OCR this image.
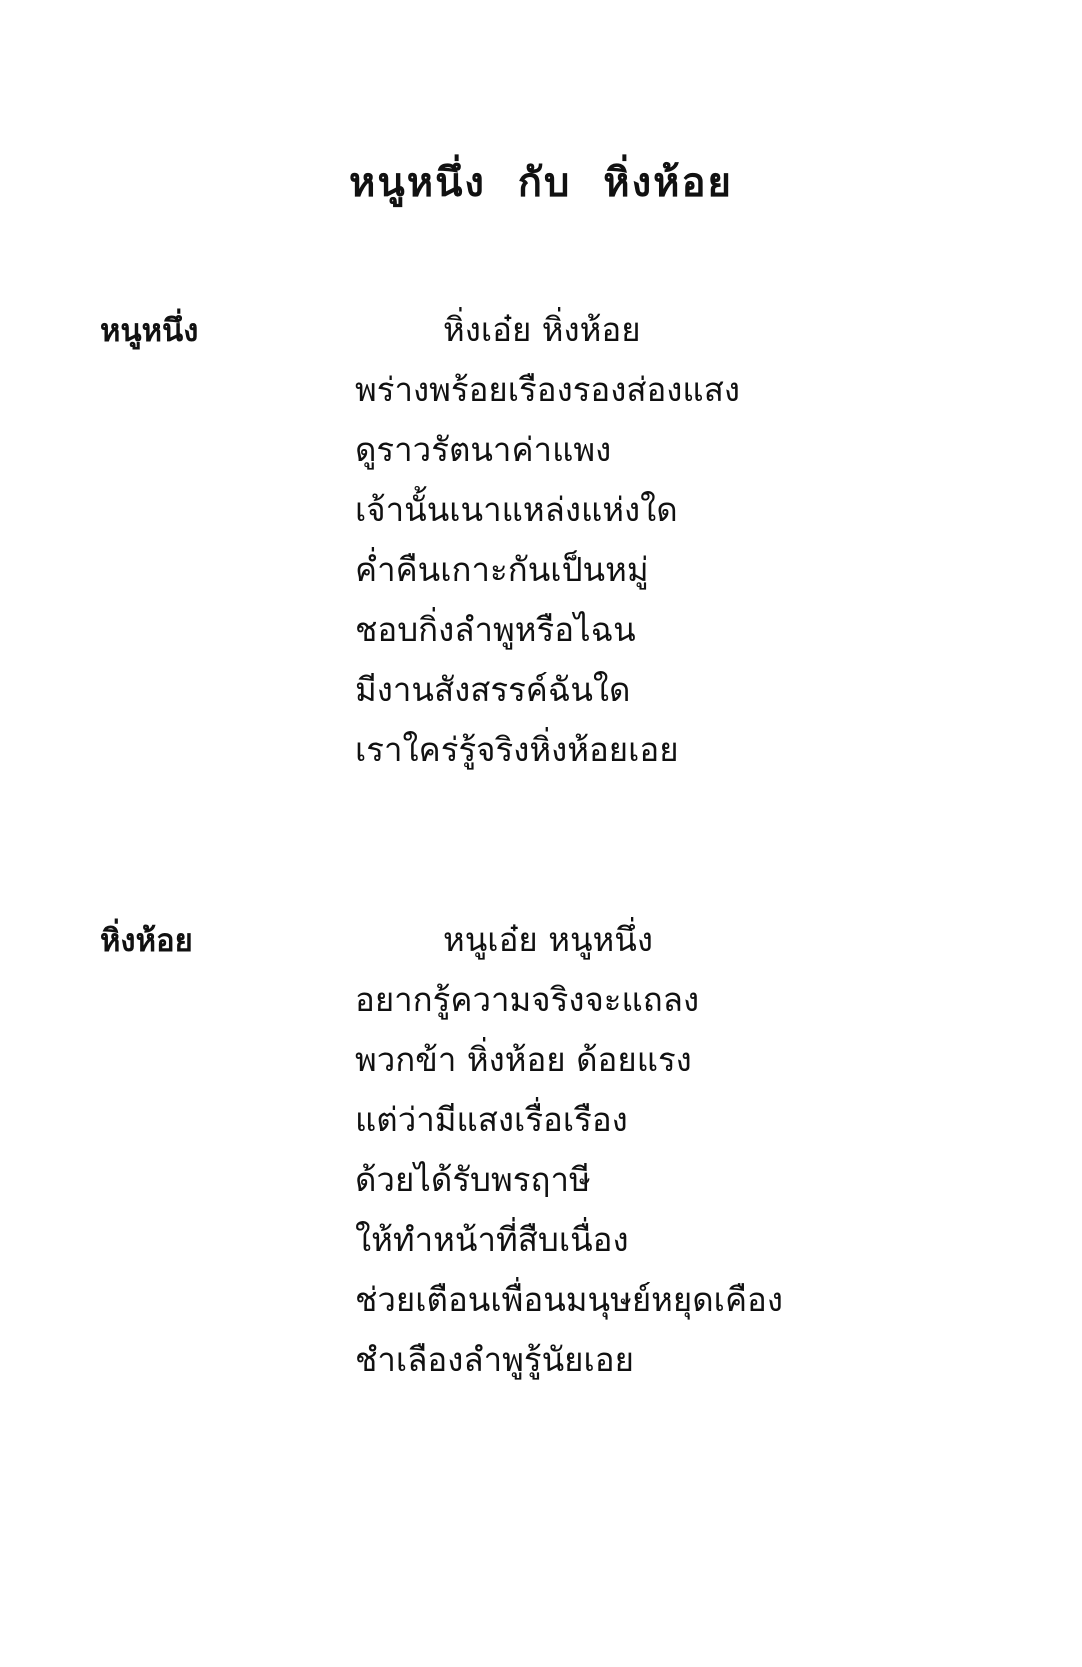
หนูหนึ่ง  กับ  หิ่งห้อย
หนูหนึ่ง	หิ่งเอ๋ย หิ่งห้อย
พร่างพร้อยเรืองรองส่องแสง
ดูราวรัตนาค่าแพง
เจ้านั้นเนาแหล่งแห่งใด
ค่ำคืนเกาะกันเป็นหมู่
ชอบกิ่งลำพูหรือไฉน
มีงานสังสรรค์ฉันใด
เราใคร่รู้จริงหิ่งห้อยเอย
หิ่งห้อย	หนูเอ๋ย หนูหนึ่ง
อยากรู้ความจริงจะแถลง
พวกข้า หิ่งห้อย ด้อยแรง
แต่ว่ามีแสงเรื่อเรือง
ด้วยได้รับพรฤาษี
ให้ทำหน้าที่สืบเนื่อง
ช่วยเตือนเพื่อนมนุษย์หยุดเคือง
ชำเลืองลำพูรู้นัยเอย
